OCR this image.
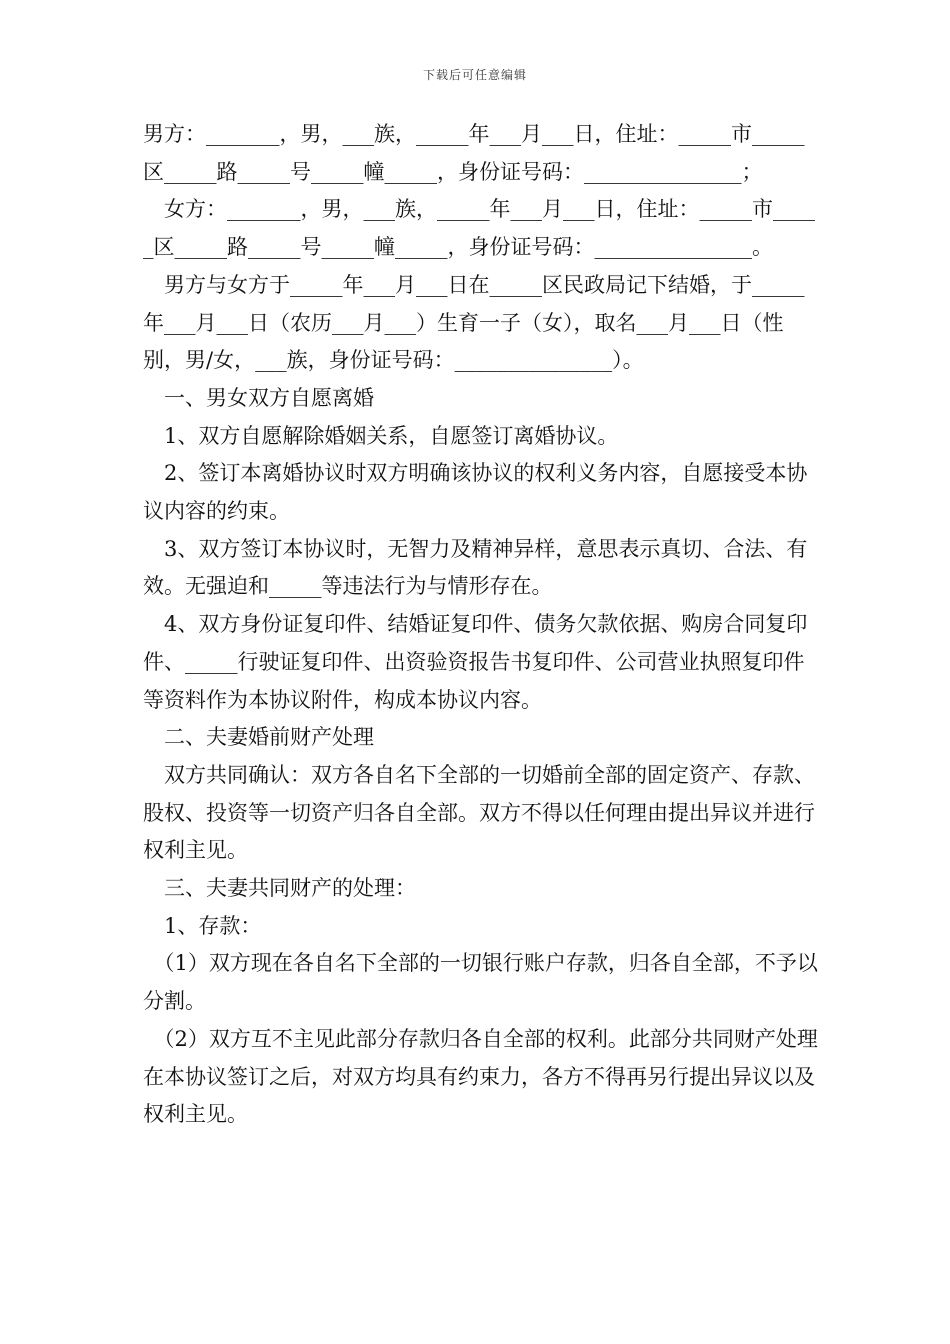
下载后可任意编辑

男方：_______，男，___族，_____年___月___日，住址：_____市_____区_____路_____号_____幢_____，身份证号码：_______________；

　女方：_______，男，___族，_____年___月___日，住址：_____市_____区_____路_____号_____幢_____，身份证号码：_______________。

　男方与女方于_____年___月___日在_____区民政局记下结婚，于_____年___月___日（农历___月___）生育一子（女），取名___月___日（性别，男/女，___族，身份证号码：_______________）。

　一、男女双方自愿离婚

　1、双方自愿解除婚姻关系，自愿签订离婚协议。

　2、签订本离婚协议时双方明确该协议的权利义务内容，自愿接受本协议内容的约束。

　3、双方签订本协议时，无智力及精神异样，意思表示真切、合法、有效。无强迫和_____等违法行为与情形存在。

　4、双方身份证复印件、结婚证复印件、债务欠款依据、购房合同复印件、_____行驶证复印件、出资验资报告书复印件、公司营业执照复印件等资料作为本协议附件，构成本协议内容。

　二、夫妻婚前财产处理

　双方共同确认：双方各自名下全部的一切婚前全部的固定资产、存款、股权、投资等一切资产归各自全部。双方不得以任何理由提出异议并进行权利主见。

　三、夫妻共同财产的处理：

　1、存款：

　（1）双方现在各自名下全部的一切银行账户存款，归各自全部，不予以分割。

　（2）双方互不主见此部分存款归各自全部的权利。此部分共同财产处理在本协议签订之后，对双方均具有约束力，各方不得再另行提出异议以及权利主见。
